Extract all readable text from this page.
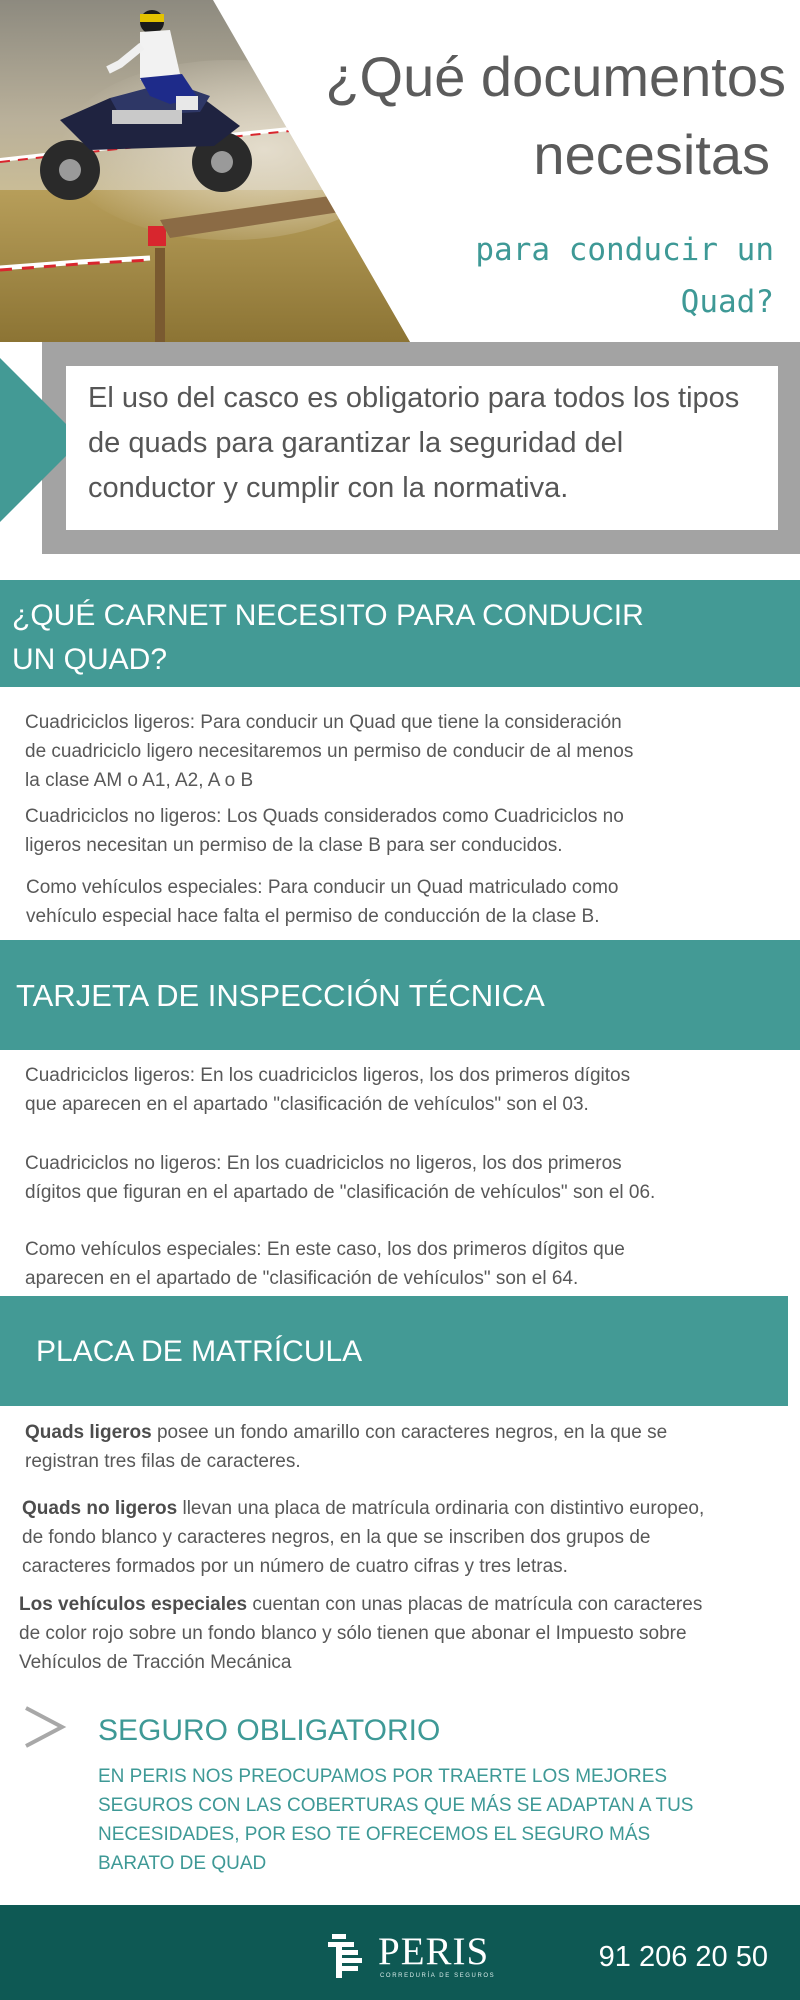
¿Qué documentos
necesitas
para conducir un
Quad?

El uso del casco es obligatorio para todos los tipos de quads para garantizar la seguridad del conductor y cumplir con la normativa.

¿QUÉ CARNET NECESITO PARA CONDUCIR
UN QUAD?
Cuadriciclos ligeros: Para conducir un Quad que tiene la consideración
de cuadriciclo ligero necesitaremos un permiso de conducir de al menos
la clase AM o A1, A2, A o B
Cuadriciclos no ligeros: Los Quads considerados como Cuadriciclos no
ligeros necesitan un permiso de la clase B para ser conducidos.
Como vehículos especiales: Para conducir un Quad matriculado como
vehículo especial hace falta el permiso de conducción de la clase B.
TARJETA DE INSPECCIÓN TÉCNICA
Cuadriciclos ligeros: En los cuadriciclos ligeros, los dos primeros dígitos
que aparecen en el apartado "clasificación de vehículos" son el 03.
Cuadriciclos no ligeros: En los cuadriciclos no ligeros, los dos primeros
dígitos que figuran en el apartado de "clasificación de vehículos" son el 06.
Como vehículos especiales: En este caso, los dos primeros dígitos que
aparecen en el apartado de "clasificación de vehículos" son el 64.
PLACA DE MATRÍCULA
Quads ligeros posee un fondo amarillo con caracteres negros, en la que se
registran tres filas de caracteres.
Quads no ligeros llevan una placa de matrícula ordinaria con distintivo europeo,
de fondo blanco y caracteres negros, en la que se inscriben dos grupos de
caracteres formados por un número de cuatro cifras y tres letras.
Los vehículos especiales cuentan con unas placas de matrícula con caracteres
de color rojo sobre un fondo blanco y sólo tienen que abonar el Impuesto sobre
Vehículos de Tracción Mecánica
SEGURO OBLIGATORIO
EN PERIS NOS PREOCUPAMOS POR TRAERTE LOS MEJORES
SEGUROS CON LAS COBERTURAS QUE MÁS SE ADAPTAN A TUS
NECESIDADES, POR ESO TE OFRECEMOS EL SEGURO MÁS
BARATO DE QUAD
PERIS
CORREDURÍA DE SEGUROS
91 206 20 50
